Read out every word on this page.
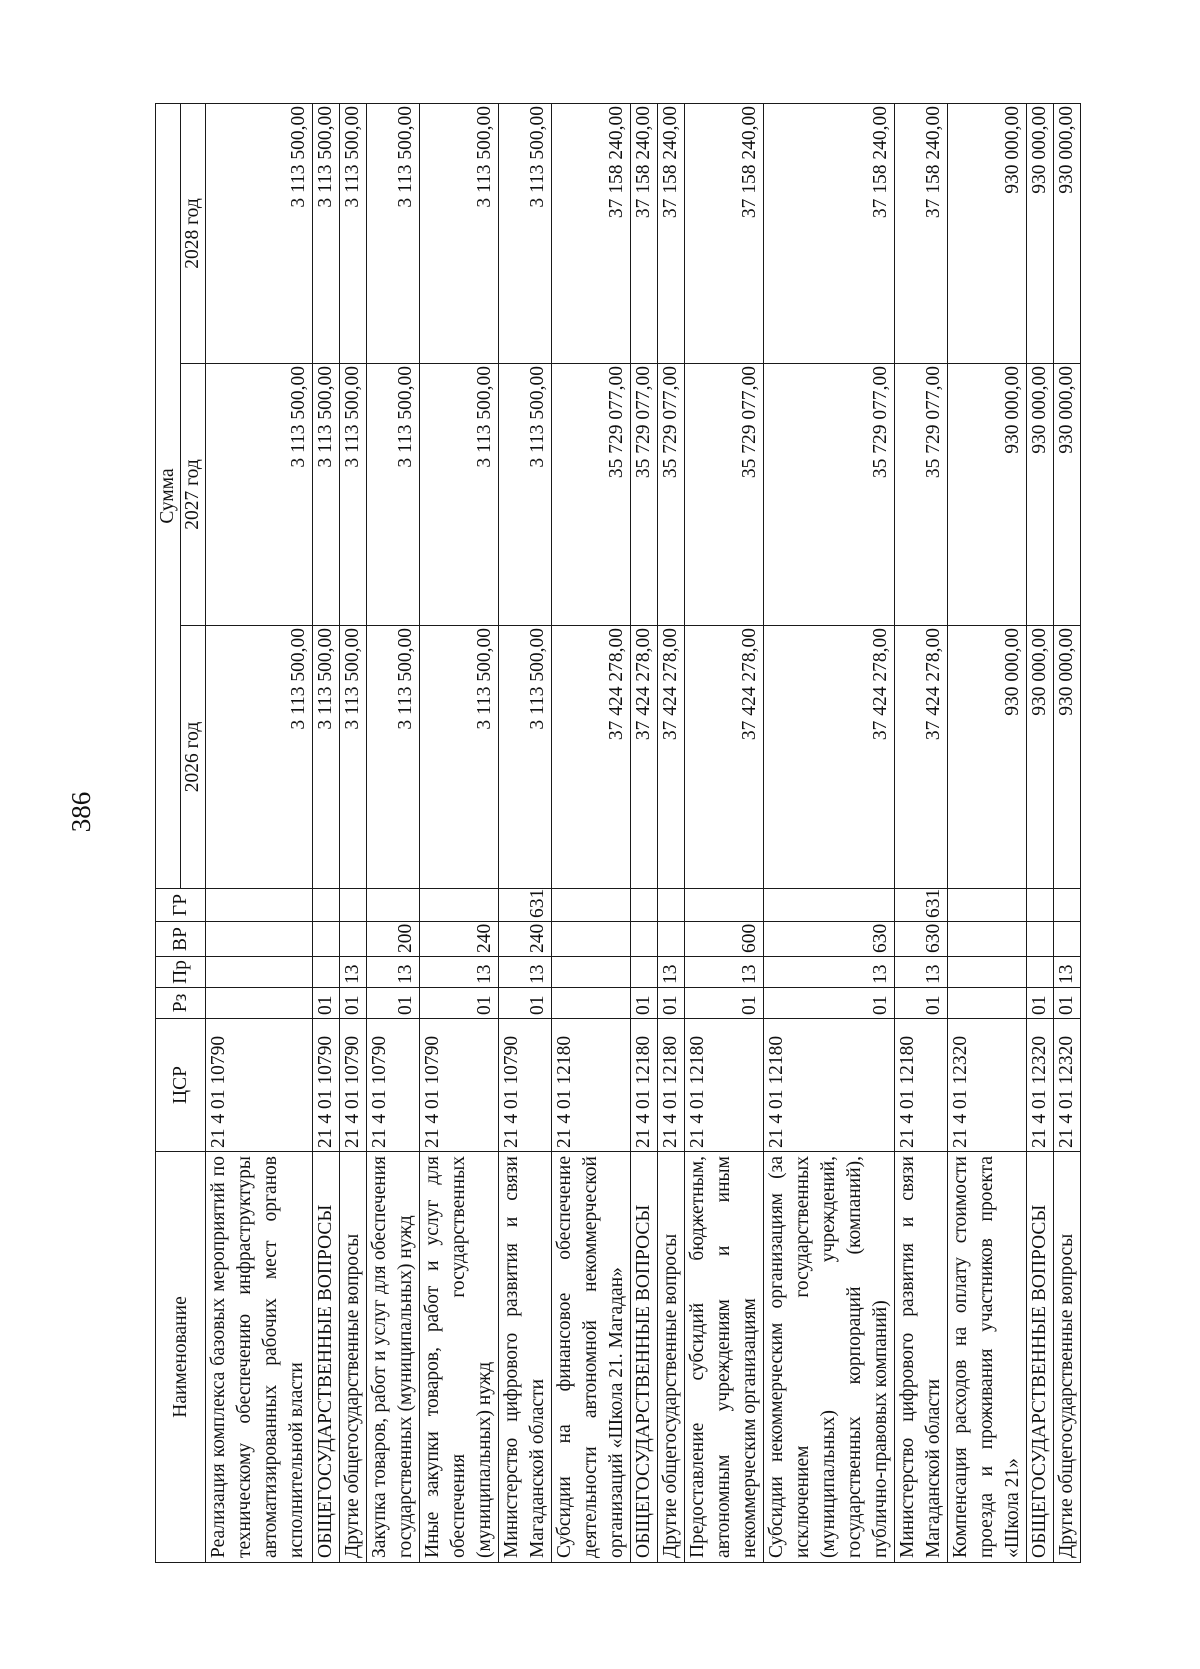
386
Наименование	ЦСР	Рз	Пр	ВР	ГР	Сумма		
						2026 год	2027 год	2028 год
Реализация комплекса базовых мероприятий по техническому обеспечению инфраструктуры автоматизированных рабочих мест органов исполнительной власти	21 4 01 10790					3 113 500,00	3 113 500,00	3 113 500,00
ОБЩЕГОСУДАРСТВЕННЫЕ ВОПРОСЫ	21 4 01 10790	01				3 113 500,00	3 113 500,00	3 113 500,00
Другие общегосударственные вопросы	21 4 01 10790	01	13			3 113 500,00	3 113 500,00	3 113 500,00
Закупка товаров, работ и услуг для обеспечения государственных (муниципальных) нужд	21 4 01 10790	01	13	200		3 113 500,00	3 113 500,00	3 113 500,00
Иные закупки товаров, работ и услуг для обеспечения государственных (муниципальных) нужд	21 4 01 10790	01	13	240		3 113 500,00	3 113 500,00	3 113 500,00
Министерство цифрового развития и связи Магаданской области	21 4 01 10790	01	13	240	631	3 113 500,00	3 113 500,00	3 113 500,00
Субсидии на финансовое обеспечение деятельности автономной некоммерческой организаций «Школа 21. Магадан»	21 4 01 12180					37 424 278,00	35 729 077,00	37 158 240,00
ОБЩЕГОСУДАРСТВЕННЫЕ ВОПРОСЫ	21 4 01 12180	01				37 424 278,00	35 729 077,00	37 158 240,00
Другие общегосударственные вопросы	21 4 01 12180	01	13			37 424 278,00	35 729 077,00	37 158 240,00
Предоставление субсидий бюджетным, автономным учреждениям и иным некоммерческим организациям	21 4 01 12180	01	13	600		37 424 278,00	35 729 077,00	37 158 240,00
Субсидии некоммерческим организациям (за исключением государственных (муниципальных) учреждений, государственных корпораций (компаний), публично-правовых компаний)	21 4 01 12180	01	13	630		37 424 278,00	35 729 077,00	37 158 240,00
Министерство цифрового развития и связи Магаданской области	21 4 01 12180	01	13	630	631	37 424 278,00	35 729 077,00	37 158 240,00
Компенсация расходов на оплату стоимости проезда и проживания участников проекта «Школа 21»	21 4 01 12320					930 000,00	930 000,00	930 000,00
ОБЩЕГОСУДАРСТВЕННЫЕ ВОПРОСЫ	21 4 01 12320	01				930 000,00	930 000,00	930 000,00
Другие общегосударственные вопросы	21 4 01 12320	01	13			930 000,00	930 000,00	930 000,00
